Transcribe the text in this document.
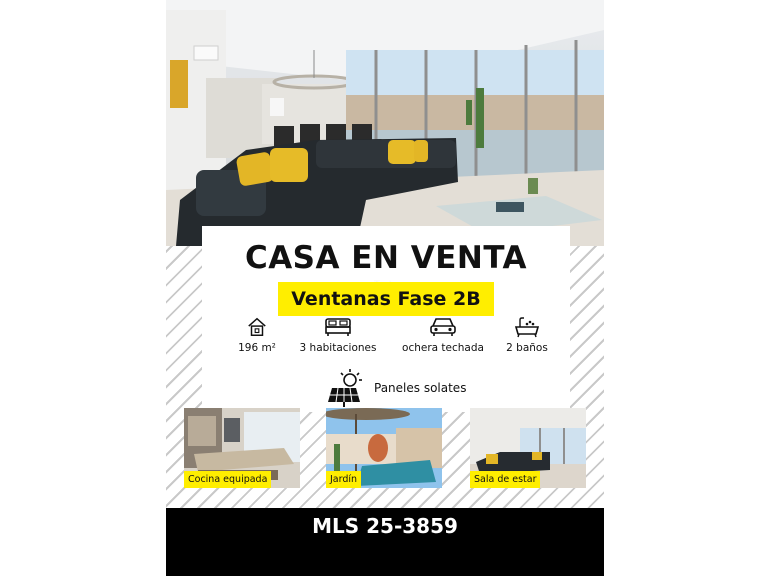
CASA EN VENTA
Ventanas Fase 2B
196 m²	3 habitaciones	ochera techada	2 baños
Paneles solates
Cocina equipada	Jardín	Sala de estar
MLS 25-3859
